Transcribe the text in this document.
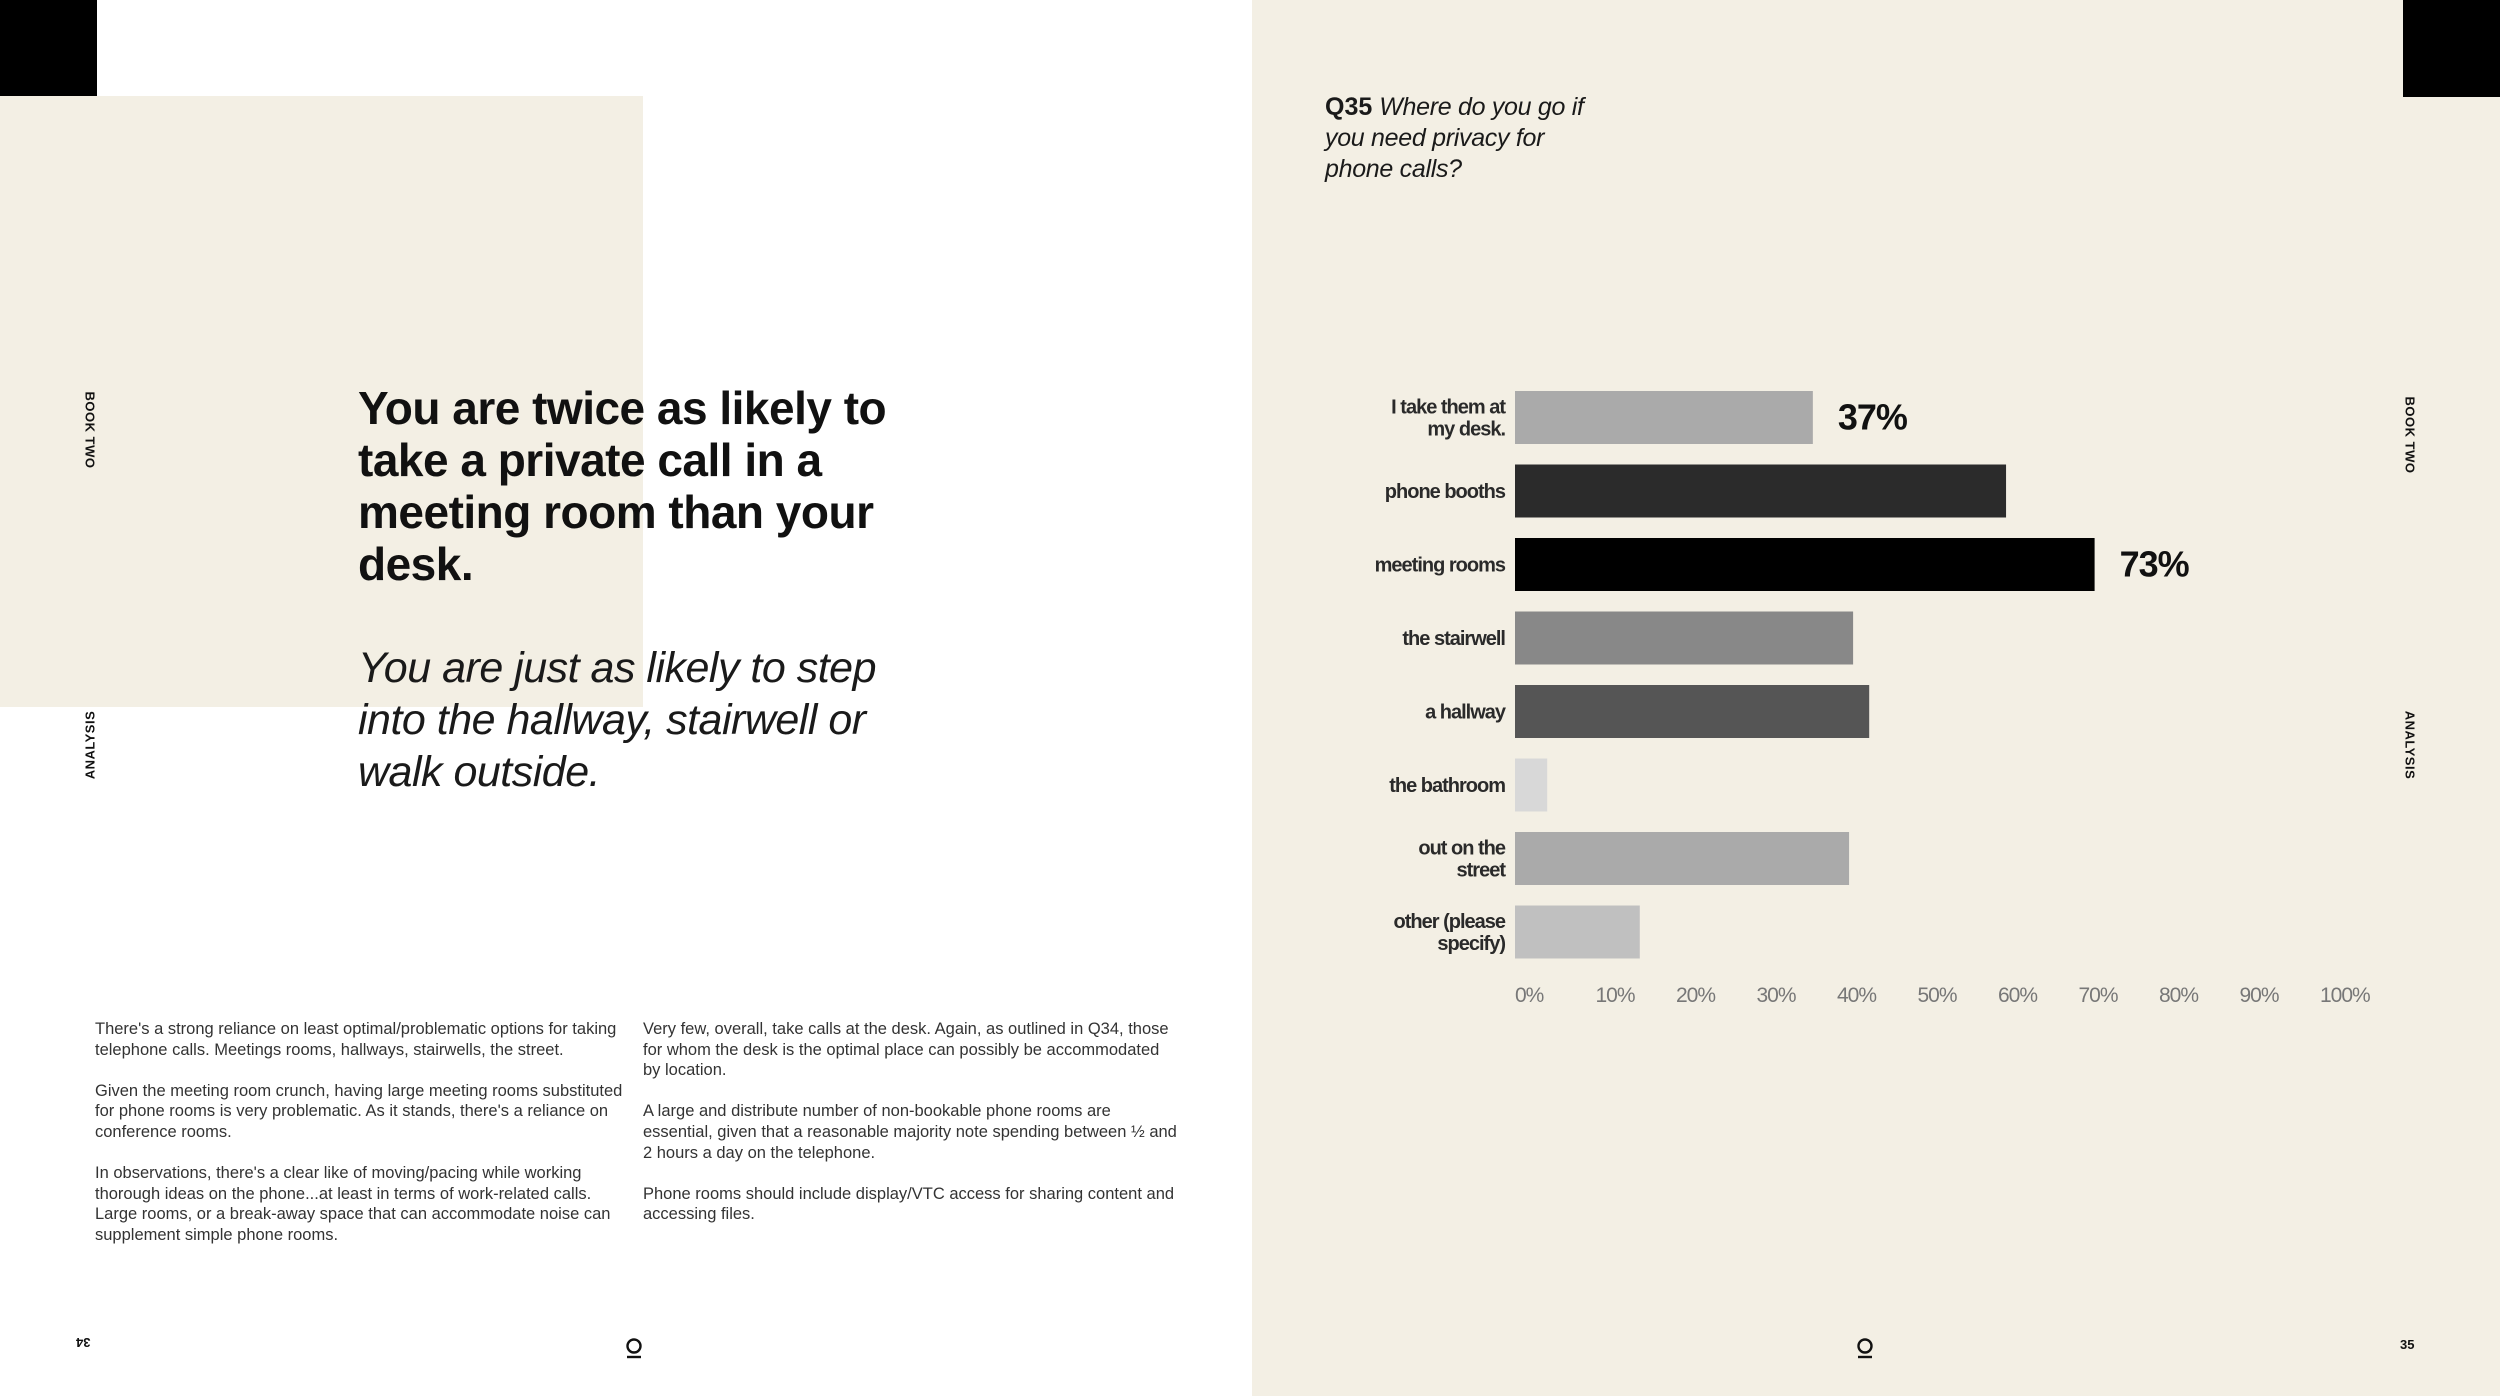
BOOK TWO
ANALYSIS
You are twice as likely to take a private call in a meeting room than your desk.

You are just as likely to step into the hallway, stairwell or walk outside.

There's a strong reliance on least optimal/problematic options for taking telephone calls. Meetings rooms, hallways, stairwells, the street.

Given the meeting room crunch, having large meeting rooms substituted for phone rooms is very problematic. As it stands, there's a reliance on conference rooms.

In observations, there's a clear like of moving/pacing while working thorough ideas on the phone...at least in terms of work-related calls. Large rooms, or a break-away space that can accommodate noise can supplement simple phone rooms.

Very few, overall, take calls at the desk. Again, as outlined in Q34, those for whom the desk is the optimal place can possibly be accommodated by location.

A large and distribute number of non-bookable phone rooms are essential, given that a reasonable majority note spending between ½ and 2 hours a day on the telephone.

Phone rooms should include display/VTC access for sharing content and accessing files.

34
BOOK TWO
ANALYSIS
Q35 Where do you go if you need privacy for phone calls?
I take them at my desk.
phone booths
meeting rooms
the stairwell
a hallway
the bathroom
out on the street
other (please specify)
37%
73%
0% 10% 20% 30% 40% 50% 60% 70% 80% 90% 100%
35
